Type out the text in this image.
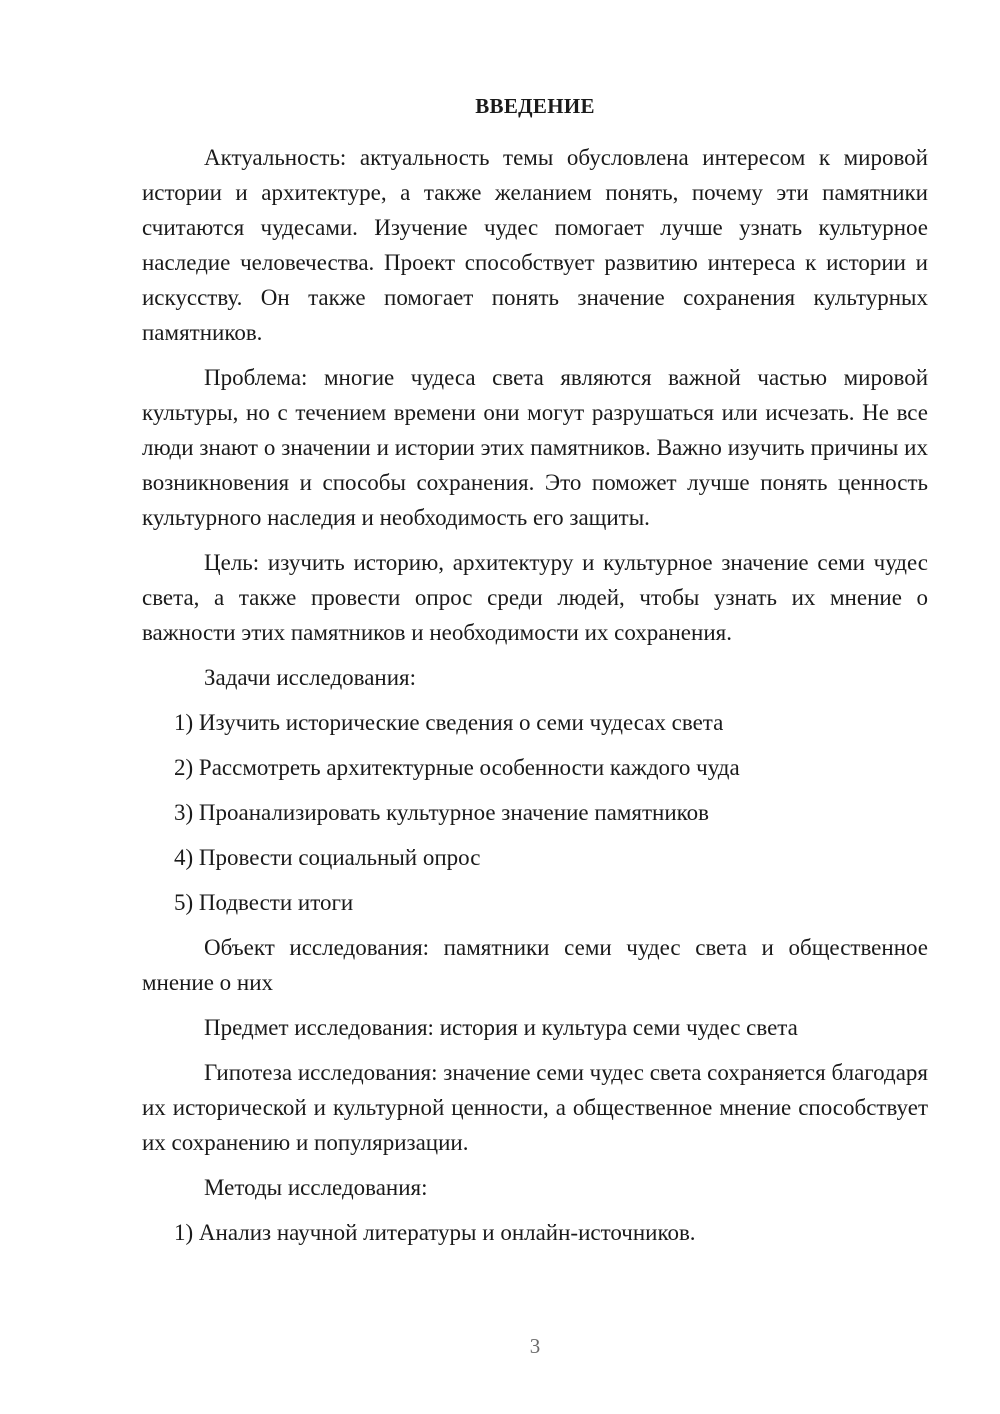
ВВЕДЕНИЕ

Актуальность: актуальность темы обусловлена интересом к мировой истории и архитектуре, а также желанием понять, почему эти памятники считаются чудесами. Изучение чудес помогает лучше узнать культурное наследие человечества. Проект способствует развитию интереса к истории и искусству. Он также помогает понять значение сохранения культурных памятников.

Проблема: многие чудеса света являются важной частью мировой культуры, но с течением времени они могут разрушаться или исчезать. Не все люди знают о значении и истории этих памятников. Важно изучить причины их возникновения и способы сохранения. Это поможет лучше понять ценность культурного наследия и необходимость его защиты.

Цель: изучить историю, архитектуру и культурное значение семи чудес света, а также провести опрос среди людей, чтобы узнать их мнение о важности этих памятников и необходимости их сохранения.

Задачи исследования:

1) Изучить исторические сведения о семи чудесах света
2) Рассмотреть архитектурные особенности каждого чуда
3) Проанализировать культурное значение памятников
4) Провести социальный опрос
5) Подвести итоги

Объект исследования: памятники семи чудес света и общественное мнение о них

Предмет исследования: история и культура семи чудес света

Гипотеза исследования: значение семи чудес света сохраняется благодаря их исторической и культурной ценности, а общественное мнение способствует их сохранению и популяризации.

Методы исследования:

1) Анализ научной литературы и онлайн-источников.
3
